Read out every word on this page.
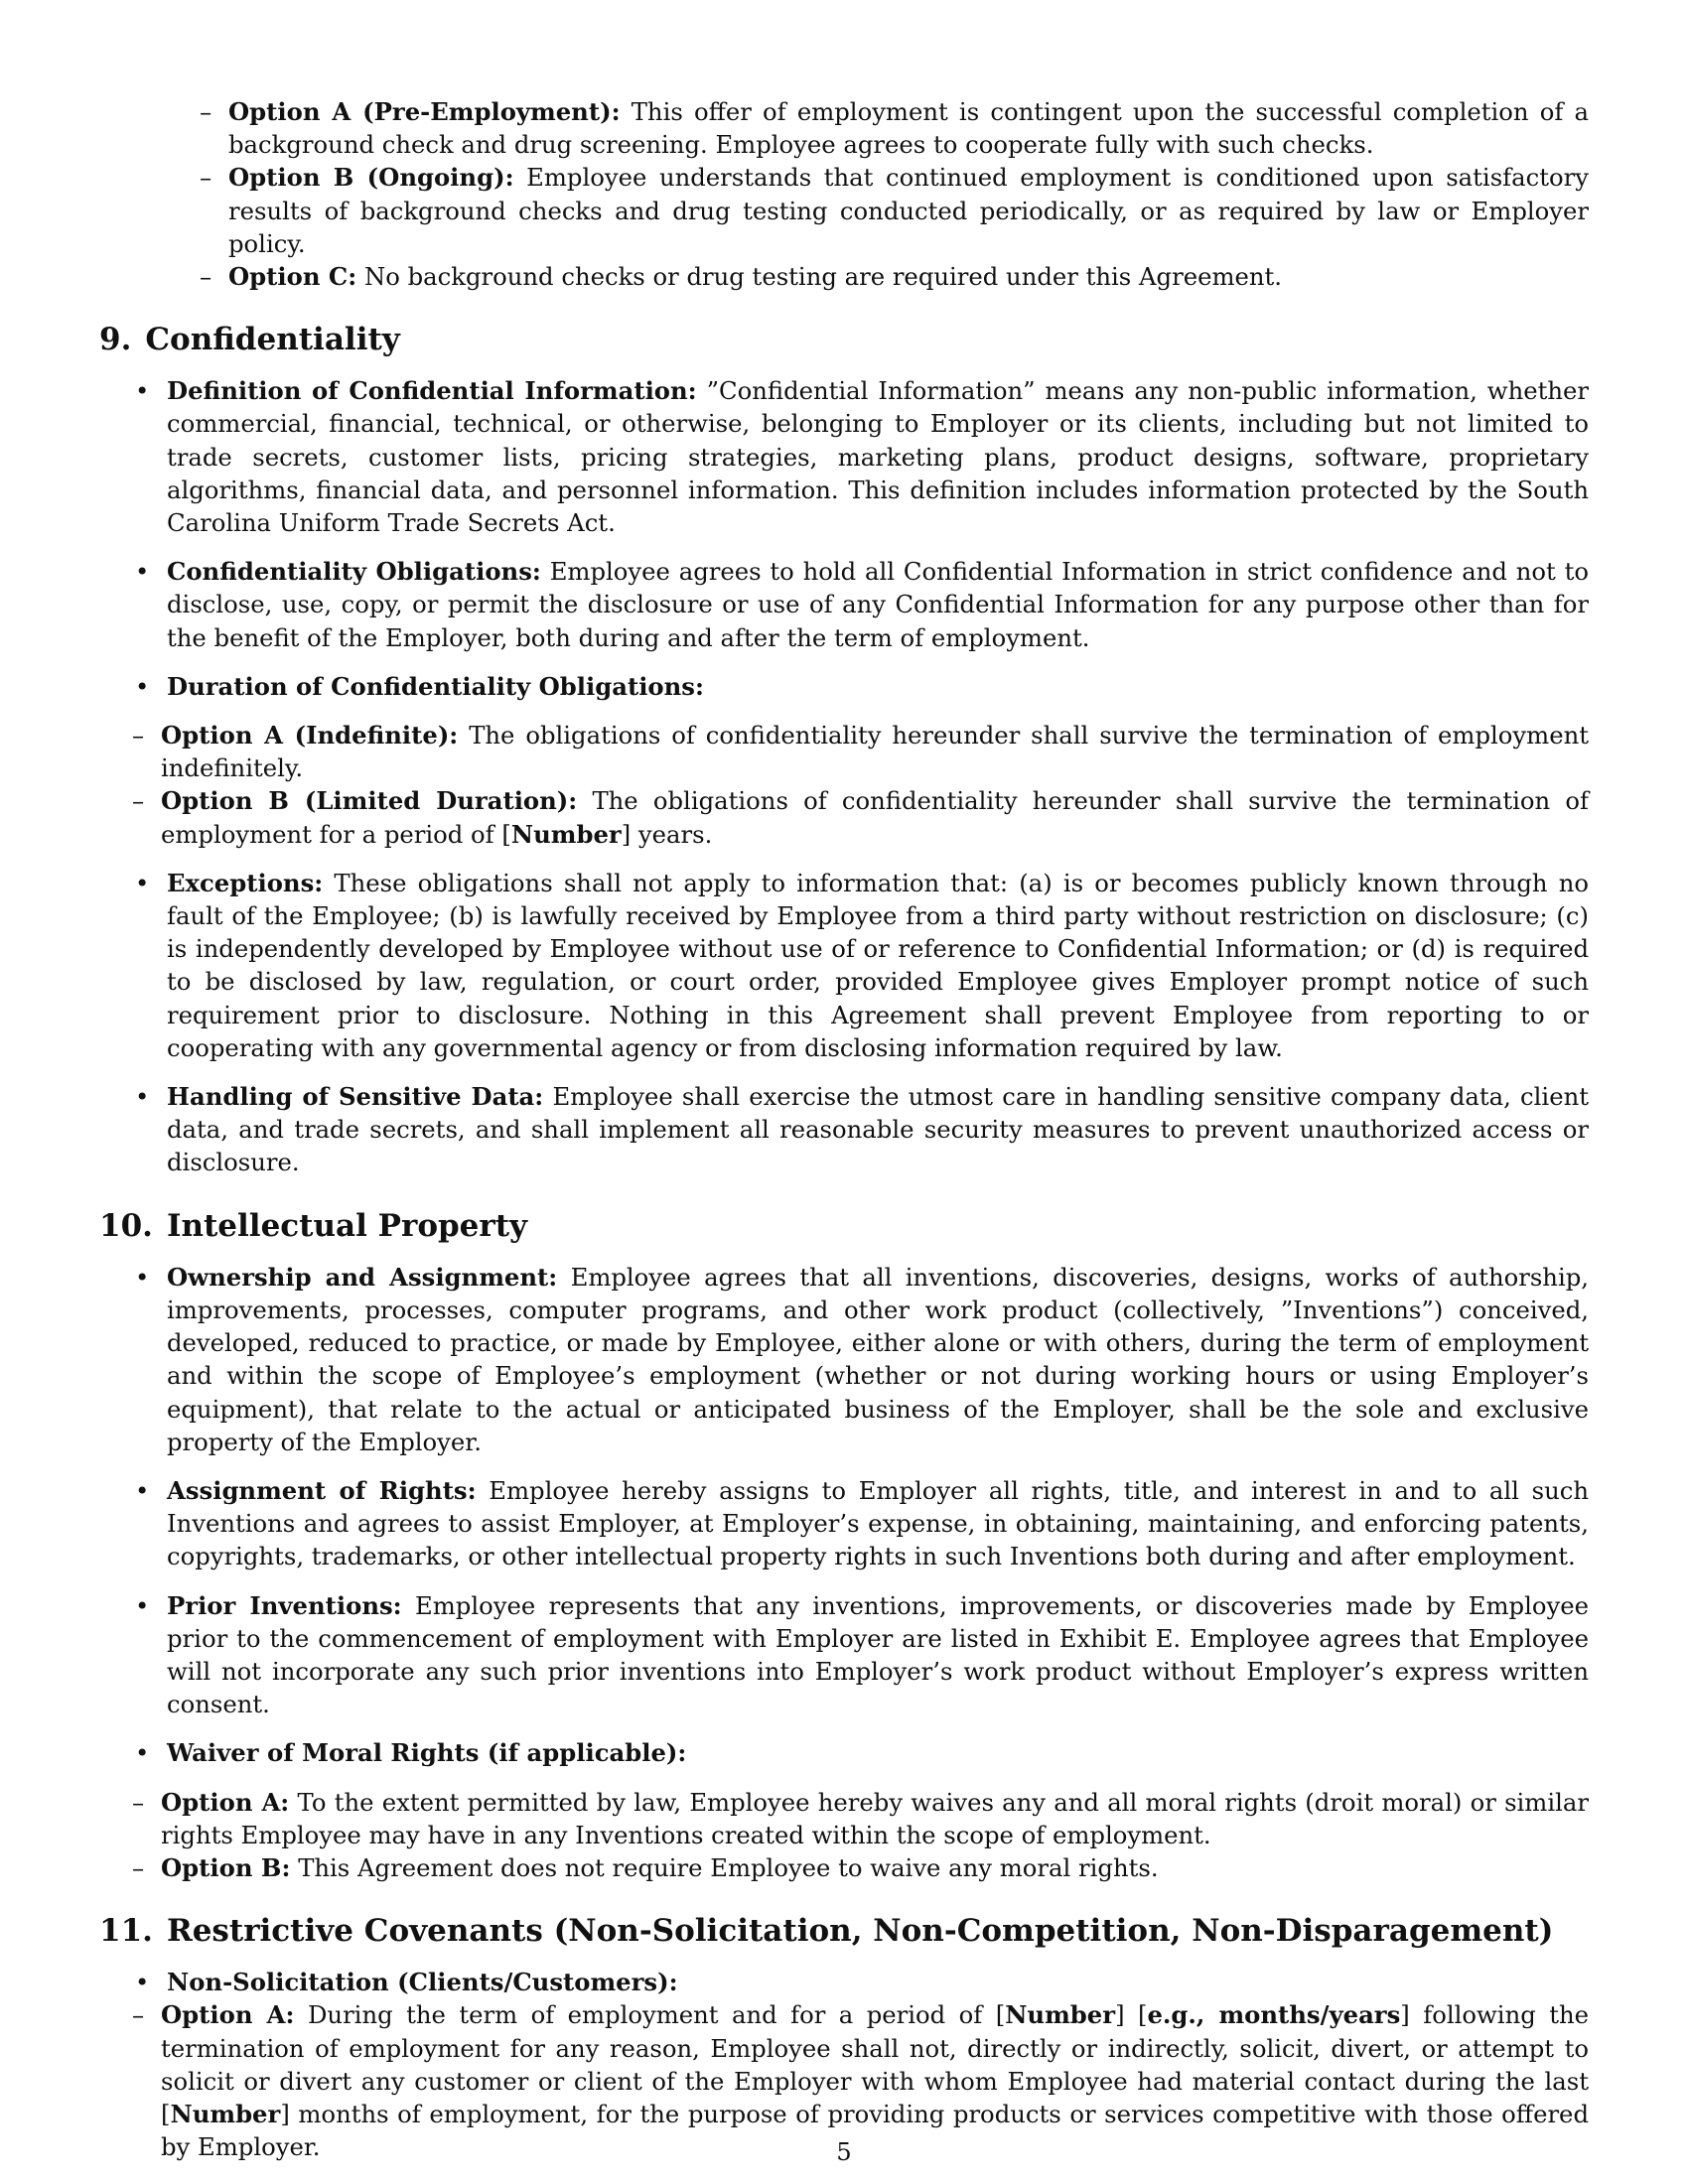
– Option A (Pre-Employment): This offer of employment is contingent upon the successful completion of a background check and drug screening. Employee agrees to cooperate fully with such checks.
– Option B (Ongoing): Employee understands that continued employment is conditioned upon satisfactory results of background checks and drug testing conducted periodically, or as required by law or Employer policy.
– Option C: No background checks or drug testing are required under this Agreement.
9. Confidentiality
• Definition of Confidential Information: ”Confidential Information” means any non-public information, whether commercial, financial, technical, or otherwise, belonging to Employer or its clients, including but not limited to trade secrets, customer lists, pricing strategies, marketing plans, product designs, software, proprietary algorithms, financial data, and personnel information. This definition includes information protected by the South Carolina Uniform Trade Secrets Act.
• Confidentiality Obligations: Employee agrees to hold all Confidential Information in strict confidence and not to disclose, use, copy, or permit the disclosure or use of any Confidential Information for any purpose other than for the benefit of the Employer, both during and after the term of employment.
• Duration of Confidentiality Obligations:
– Option A (Indefinite): The obligations of confidentiality hereunder shall survive the termination of employment indefinitely.
– Option B (Limited Duration): The obligations of confidentiality hereunder shall survive the termination of employment for a period of [Number] years.
• Exceptions: These obligations shall not apply to information that: (a) is or becomes publicly known through no fault of the Employee; (b) is lawfully received by Employee from a third party without restriction on disclosure; (c) is independently developed by Employee without use of or reference to Confidential Information; or (d) is required to be disclosed by law, regulation, or court order, provided Employee gives Employer prompt notice of such requirement prior to disclosure. Nothing in this Agreement shall prevent Employee from reporting to or cooperating with any governmental agency or from disclosing information required by law.
• Handling of Sensitive Data: Employee shall exercise the utmost care in handling sensitive company data, client data, and trade secrets, and shall implement all reasonable security measures to prevent unauthorized access or disclosure.
10. Intellectual Property
• Ownership and Assignment: Employee agrees that all inventions, discoveries, designs, works of authorship, improvements, processes, computer programs, and other work product (collectively, ”Inventions”) conceived, developed, reduced to practice, or made by Employee, either alone or with others, during the term of employment and within the scope of Employee’s employment (whether or not during working hours or using Employer’s equipment), that relate to the actual or anticipated business of the Employer, shall be the sole and exclusive property of the Employer.
• Assignment of Rights: Employee hereby assigns to Employer all rights, title, and interest in and to all such Inventions and agrees to assist Employer, at Employer’s expense, in obtaining, maintaining, and enforcing patents, copyrights, trademarks, or other intellectual property rights in such Inventions both during and after employment.
• Prior Inventions: Employee represents that any inventions, improvements, or discoveries made by Employee prior to the commencement of employment with Employer are listed in Exhibit E. Employee agrees that Employee will not incorporate any such prior inventions into Employer’s work product without Employer’s express written consent.
• Waiver of Moral Rights (if applicable):
– Option A: To the extent permitted by law, Employee hereby waives any and all moral rights (droit moral) or similar rights Employee may have in any Inventions created within the scope of employment.
– Option B: This Agreement does not require Employee to waive any moral rights.
11. Restrictive Covenants (Non-Solicitation, Non-Competition, Non-Disparagement)
• Non-Solicitation (Clients/Customers):
– Option A: During the term of employment and for a period of [Number] [e.g., months/years] following the termination of employment for any reason, Employee shall not, directly or indirectly, solicit, divert, or attempt to solicit or divert any customer or client of the Employer with whom Employee had material contact during the last [Number] months of employment, for the purpose of providing products or services competitive with those offered by Employer.	5
